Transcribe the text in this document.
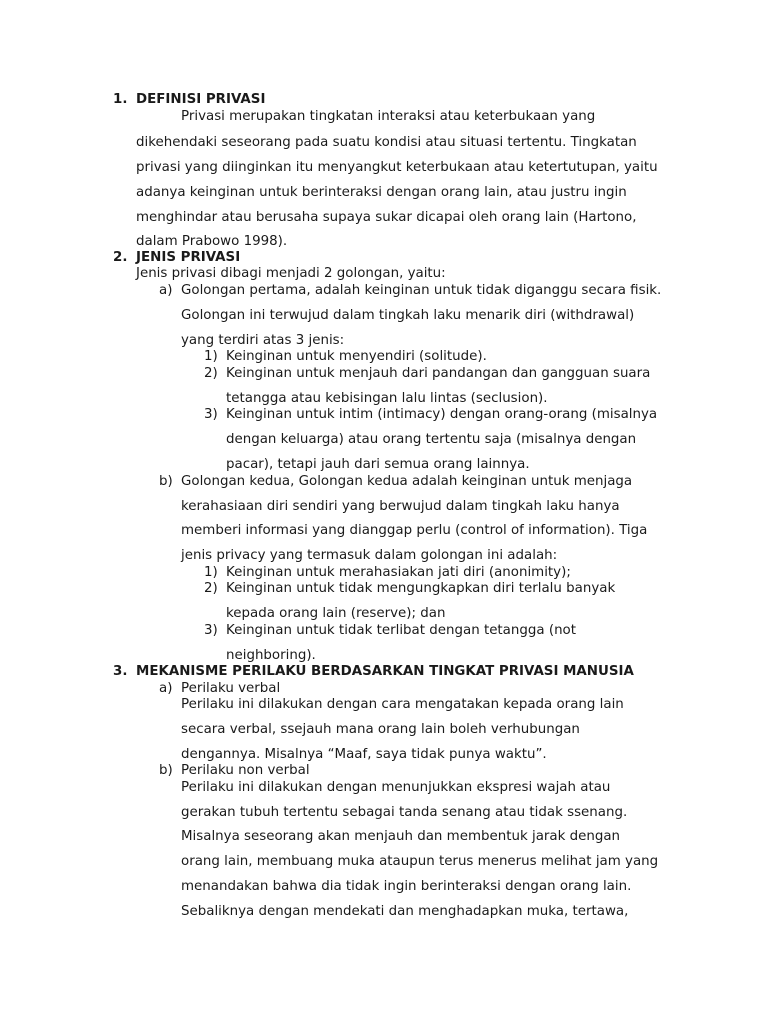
1. DEFINISI PRIVASI
Privasi merupakan tingkatan interaksi atau keterbukaan yang
dikehendaki seseorang pada suatu kondisi atau situasi tertentu. Tingkatan
privasi yang diinginkan itu menyangkut keterbukaan atau ketertutupan, yaitu
adanya keinginan untuk berinteraksi dengan orang lain, atau justru ingin
menghindar atau berusaha supaya sukar dicapai oleh orang lain (Hartono,
dalam Prabowo 1998).
2. JENIS PRIVASI
Jenis privasi dibagi menjadi 2 golongan, yaitu:
a) Golongan pertama, adalah keinginan untuk tidak diganggu secara fisik.
Golongan ini terwujud dalam tingkah laku menarik diri (withdrawal)
yang terdiri atas 3 jenis:
1) Keinginan untuk menyendiri (solitude).
2) Keinginan untuk menjauh dari pandangan dan gangguan suara
tetangga atau kebisingan lalu lintas (seclusion).
3) Keinginan untuk intim (intimacy) dengan orang-orang (misalnya
dengan keluarga) atau orang tertentu saja (misalnya dengan
pacar), tetapi jauh dari semua orang lainnya.
b) Golongan kedua, Golongan kedua adalah keinginan untuk menjaga
kerahasiaan diri sendiri yang berwujud dalam tingkah laku hanya
memberi informasi yang dianggap perlu (control of information). Tiga
jenis privacy yang termasuk dalam golongan ini adalah:
1) Keinginan untuk merahasiakan jati diri (anonimity);
2) Keinginan untuk tidak mengungkapkan diri terlalu banyak
kepada orang lain (reserve); dan
3) Keinginan untuk tidak terlibat dengan tetangga (not
neighboring).
3. MEKANISME PERILAKU BERDASARKAN TINGKAT PRIVASI MANUSIA
a) Perilaku verbal
Perilaku ini dilakukan dengan cara mengatakan kepada orang lain
secara verbal, ssejauh mana orang lain boleh verhubungan
dengannya. Misalnya “Maaf, saya tidak punya waktu”.
b) Perilaku non verbal
Perilaku ini dilakukan dengan menunjukkan ekspresi wajah atau
gerakan tubuh tertentu sebagai tanda senang atau tidak ssenang.
Misalnya seseorang akan menjauh dan membentuk jarak dengan
orang lain, membuang muka ataupun terus menerus melihat jam yang
menandakan bahwa dia tidak ingin berinteraksi dengan orang lain.
Sebaliknya dengan mendekati dan menghadapkan muka, tertawa,
